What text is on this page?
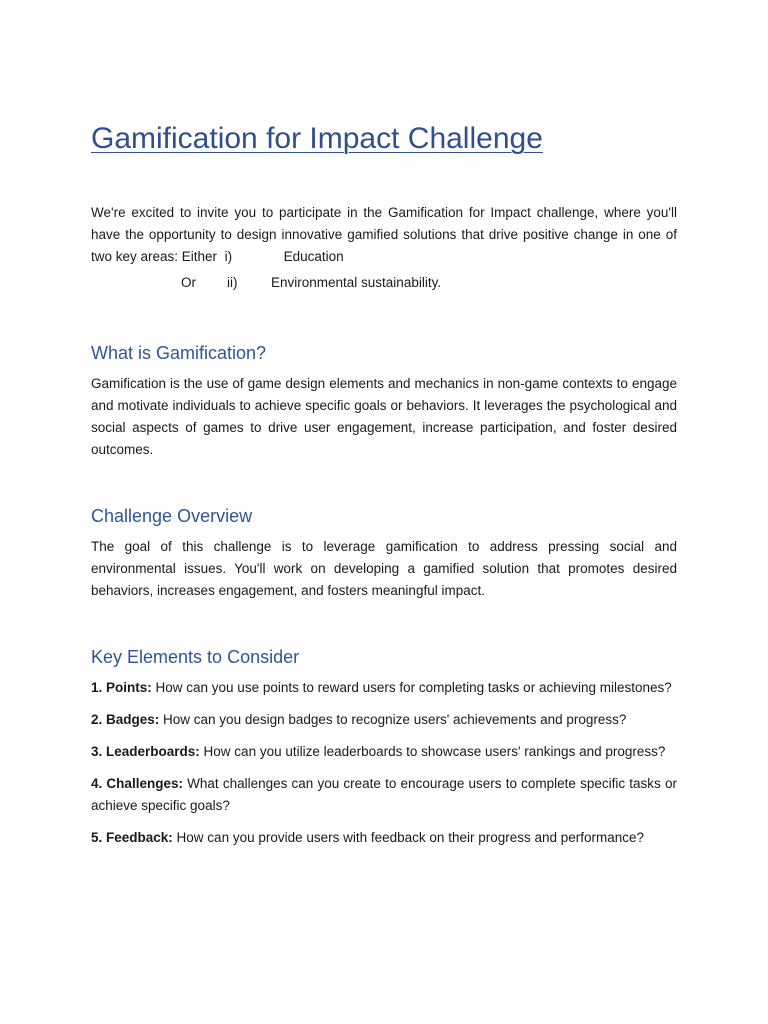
Gamification for Impact Challenge

We're excited to invite you to participate in the Gamification for Impact challenge, where you'll have the opportunity to design innovative gamified solutions that drive positive change in one of two key areas: Either i)	Education

Or ii) Environmental sustainability.
What is Gamification?

Gamification is the use of game design elements and mechanics in non-game contexts to engage and motivate individuals to achieve specific goals or behaviors. It leverages the psychological and social aspects of games to drive user engagement, increase participation, and foster desired outcomes.

Challenge Overview

The goal of this challenge is to leverage gamification to address pressing social and environmental issues. You'll work on developing a gamified solution that promotes desired behaviors, increases engagement, and fosters meaningful impact.

Key Elements to Consider

1. Points: How can you use points to reward users for completing tasks or achieving milestones?

2. Badges: How can you design badges to recognize users' achievements and progress?

3. Leaderboards: How can you utilize leaderboards to showcase users' rankings and progress?

4. Challenges: What challenges can you create to encourage users to complete specific tasks or achieve specific goals?

5. Feedback: How can you provide users with feedback on their progress and performance?
